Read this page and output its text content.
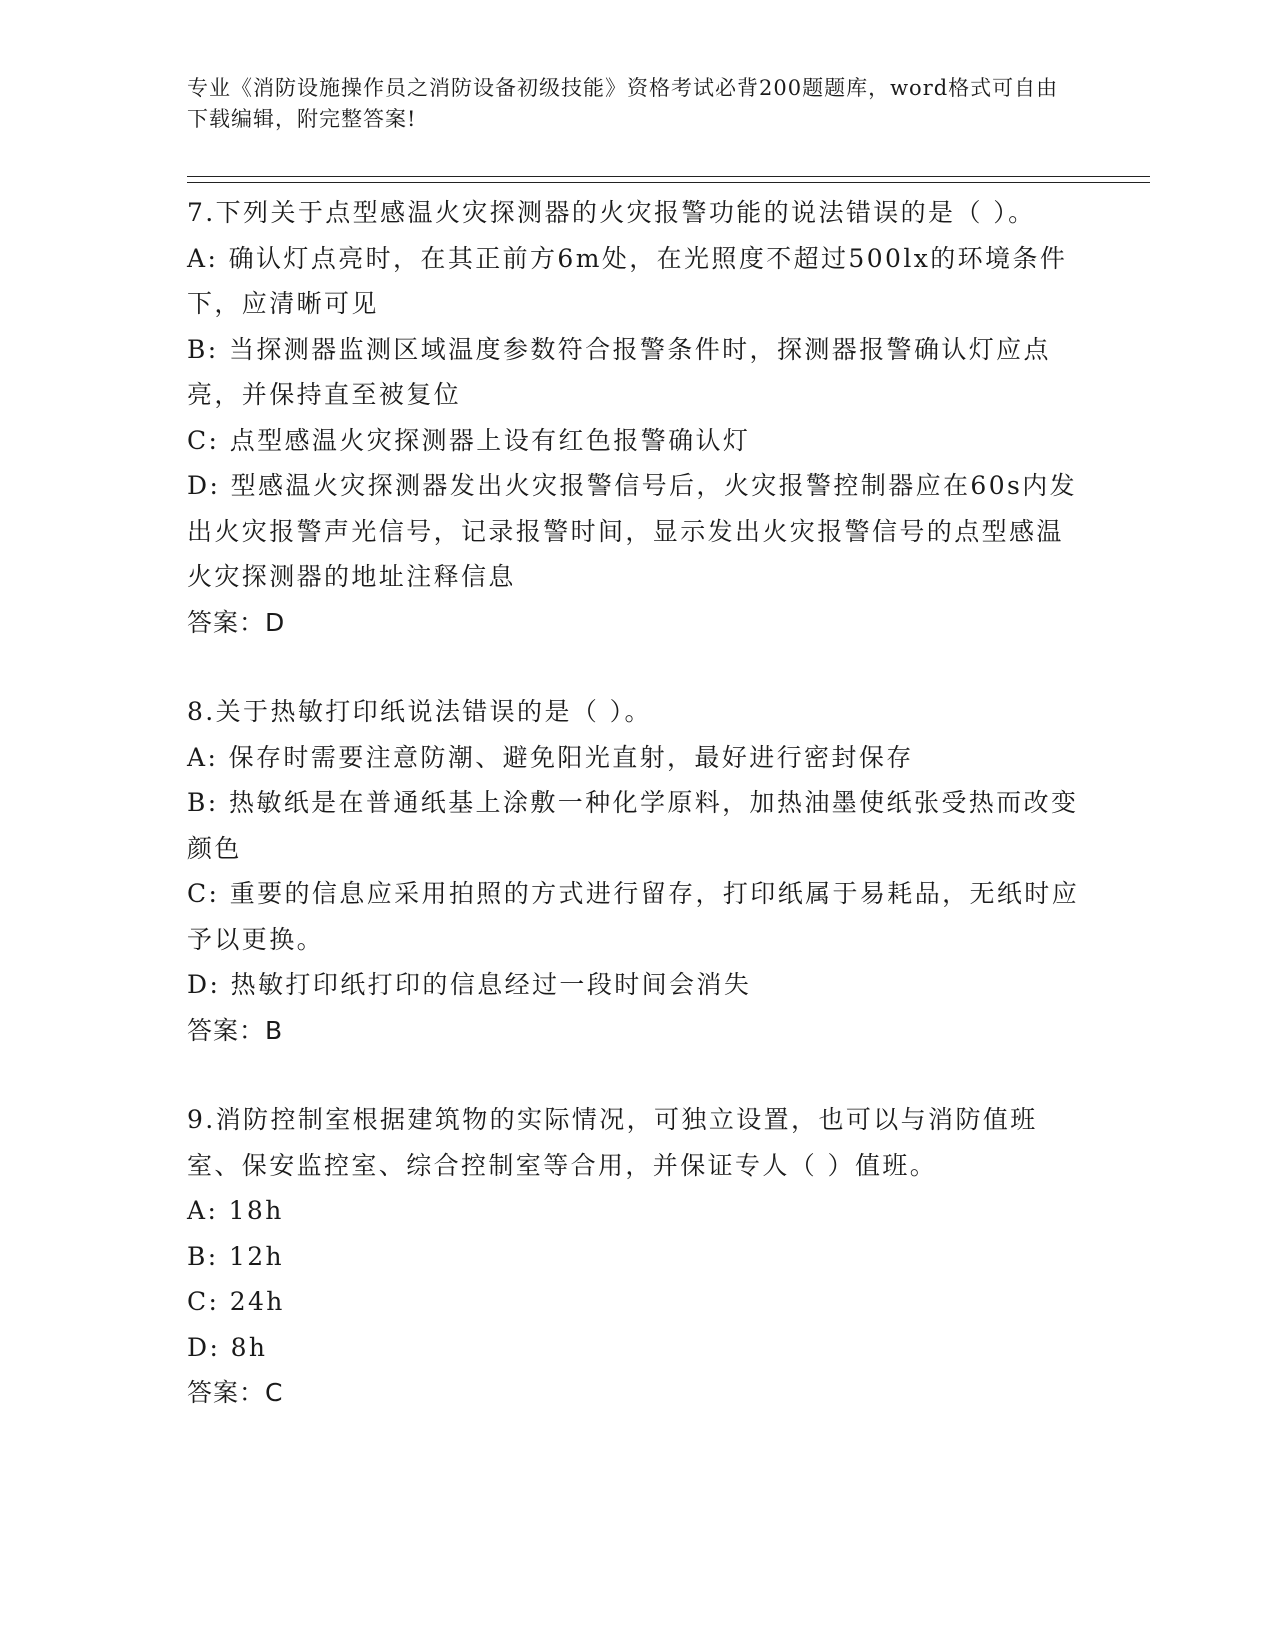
专业《消防设施操作员之消防设备初级技能》资格考试必背200题题库，word格式可自由下载编辑，附完整答案!

7.下列关于点型感温火灾探测器的火灾报警功能的说法错误的是（ ）。

A: 确认灯点亮时，在其正前方6m处，在光照度不超过500lx的环境条件下，应清晰可见

B: 当探测器监测区域温度参数符合报警条件时，探测器报警确认灯应点亮，并保持直至被复位

C: 点型感温火灾探测器上设有红色报警确认灯

D: 型感温火灾探测器发出火灾报警信号后，火灾报警控制器应在60s内发出火灾报警声光信号，记录报警时间，显示发出火灾报警信号的点型感温火灾探测器的地址注释信息

答案：D

8.关于热敏打印纸说法错误的是（ ）。

A: 保存时需要注意防潮、避免阳光直射，最好进行密封保存

B: 热敏纸是在普通纸基上涂敷一种化学原料，加热油墨使纸张受热而改变颜色

C: 重要的信息应采用拍照的方式进行留存，打印纸属于易耗品，无纸时应予以更换。

D: 热敏打印纸打印的信息经过一段时间会消失

答案：B

9.消防控制室根据建筑物的实际情况，可独立设置，也可以与消防值班室、保安监控室、综合控制室等合用，并保证专人（ ）值班。

A: 18h

B: 12h

C: 24h

D: 8h

答案：C
